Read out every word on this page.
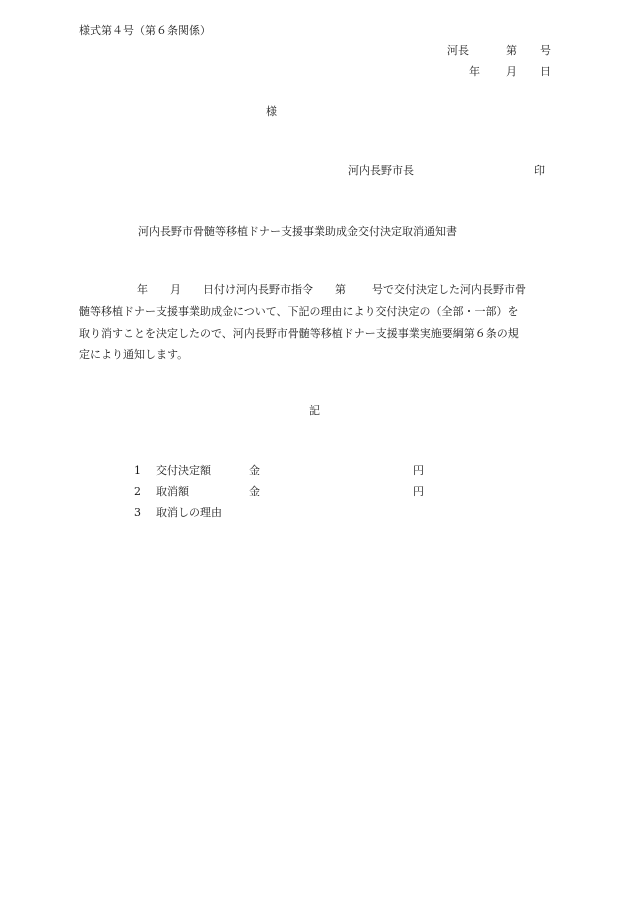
様式第４号（第６条関係）
河長	第 号
年 月 日
様
河内長野市長	印
河内長野市骨髄等移植ドナー支援事業助成金交付決定取消通知書
年 月 日付け河内長野市指令 第 号で交付決定した河内長野市骨
髄等移植ドナー支援事業助成金について、下記の理由により交付決定の（全部・一部）を
取り消すことを決定したので、河内長野市骨髄等移植ドナー支援事業実施要綱第６条の規
定により通知します。
記
1 交付決定額	金	円
2 取消額	金	円
3 取消しの理由
